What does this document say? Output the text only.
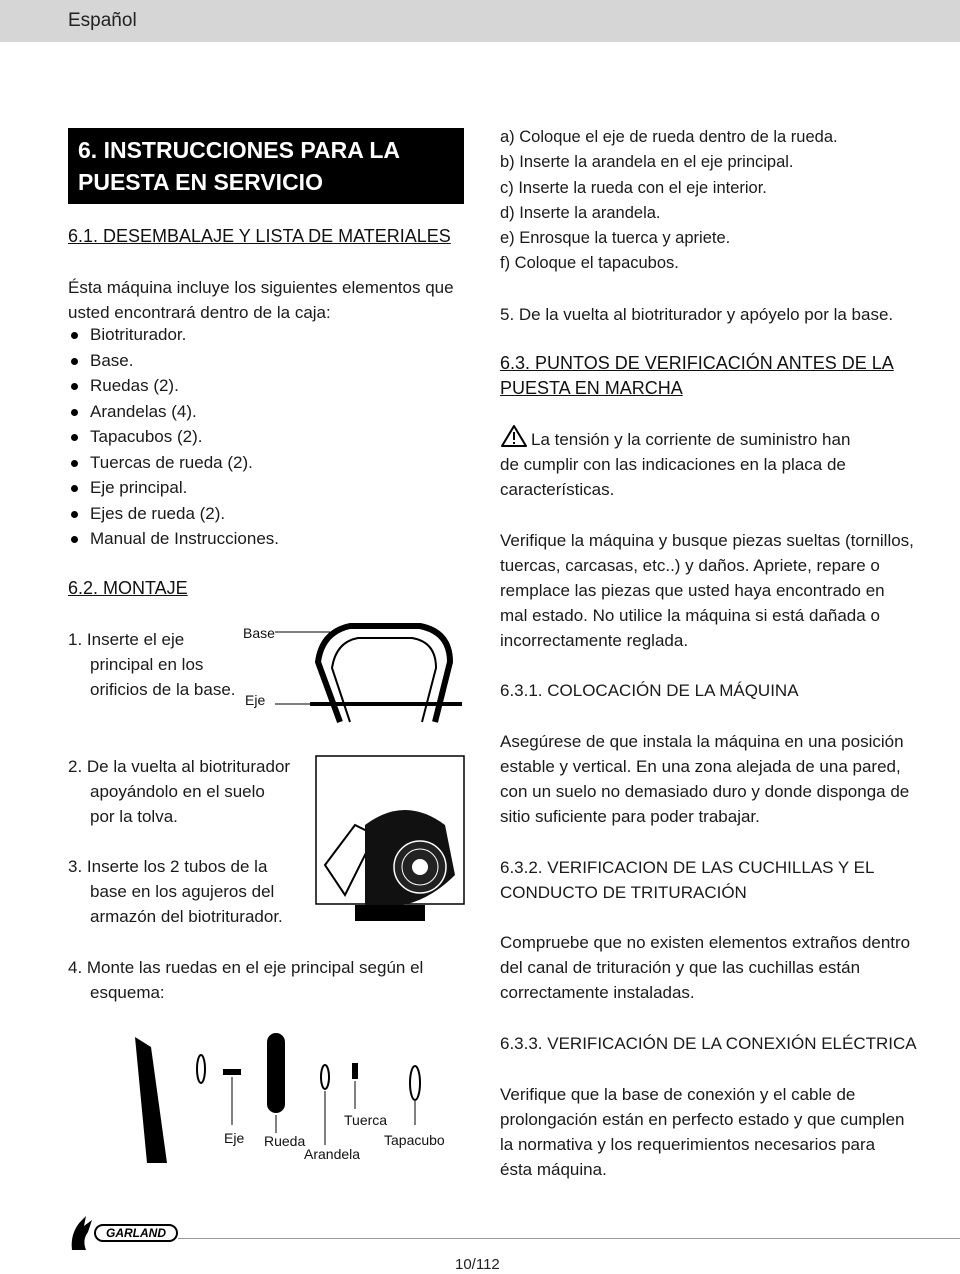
Español
6. INSTRUCCIONES PARA LA
PUESTA EN SERVICIO

6.1. DESEMBALAJE Y LISTA DE MATERIALES

Ésta máquina incluye los siguientes elementos que

usted encontrará dentro de la caja:

Biotriturador.
Base.
Ruedas (2).
Arandelas (4).
Tapacubos (2).
Tuercas de rueda (2).
Eje principal.
Ejes de rueda (2).
Manual de Instrucciones.

6.2. MONTAJE

1. Inserte el eje
principal en los
orificios de la base.
Base
Eje
2. De la vuelta al biotriturador
apoyándolo en el suelo
por la tolva.
3. Inserte los 2 tubos de la
base en los agujeros del
armazón del biotriturador.
4. Monte las ruedas en el eje principal según el
esquema:
Eje Rueda
Tuerca
Arandela
Tapacubo

a) Coloque el eje de rueda dentro de la rueda.

b) Inserte la arandela en el eje principal.

c) Inserte la rueda con el eje interior.

d) Inserte la arandela.

e) Enrosque la tuerca y apriete.

f) Coloque el tapacubos.

5. De la vuelta al biotriturador y apóyelo por la base.

6.3. PUNTOS DE VERIFICACIÓN ANTES DE LA

PUESTA EN MARCHA

La tensión y la corriente de suministro han

de cumplir con las indicaciones en la placa de

características.

Verifique la máquina y busque piezas sueltas (tornillos,

tuercas, carcasas, etc..) y daños. Apriete, repare o

remplace las piezas que usted haya encontrado en

mal estado. No utilice la máquina si está dañada o

incorrectamente reglada.

6.3.1. COLOCACIÓN DE LA MÁQUINA

Asegúrese de que instala la máquina en una posición

estable y vertical. En una zona alejada de una pared,

con un suelo no demasiado duro y donde disponga de

sitio suficiente para poder trabajar.

6.3.2. VERIFICACION DE LAS CUCHILLAS Y EL

CONDUCTO DE TRITURACIÓN

Compruebe que no existen elementos extraños dentro

del canal de trituración y que las cuchillas están

correctamente instaladas.

6.3.3. VERIFICACIÓN DE LA CONEXIÓN ELÉCTRICA

Verifique que la base de conexión y el cable de

prolongación están en perfecto estado y que cumplen

la normativa y los requerimientos necesarios para

ésta máquina.

GARLAND
10/112
